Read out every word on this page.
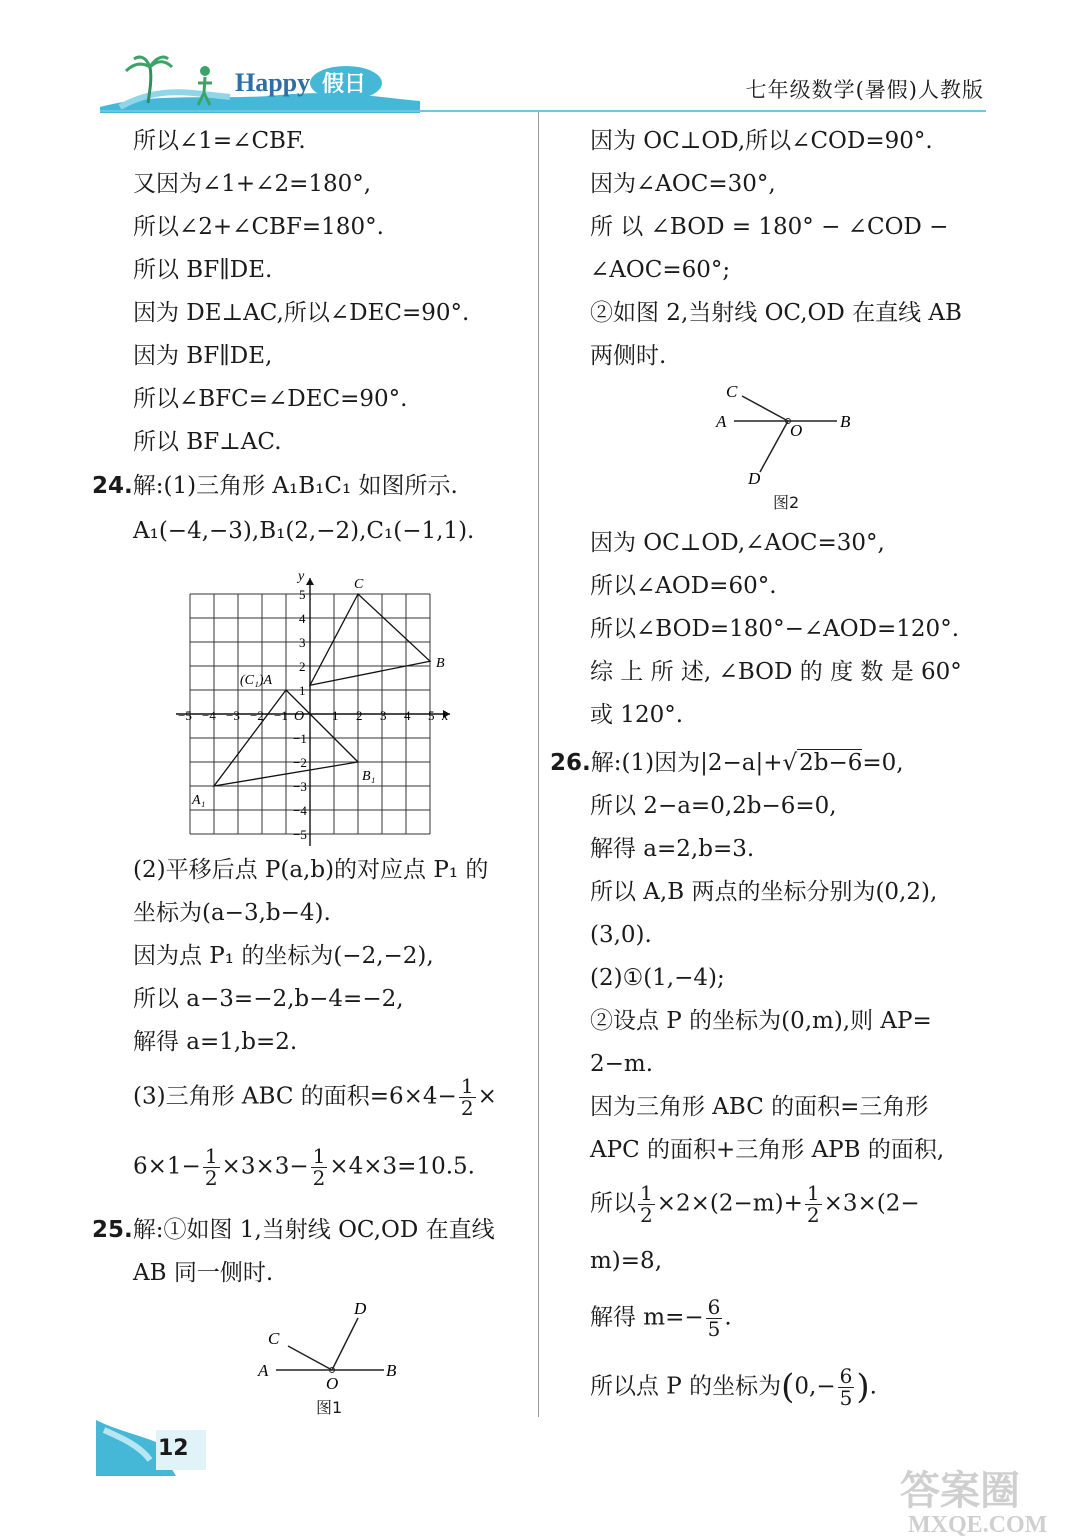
Happy 假日	七年级数学(暑假)人教版
所以∠1=∠CBF.
又因为∠1+∠2=180°,
所以∠2+∠CBF=180°.
所以 BF∥DE.
因为 DE⊥AC,所以∠DEC=90°.
因为 BF∥DE,
所以∠BFC=∠DEC=90°.
所以 BF⊥AC.
24.解:(1)三角形 A₁B₁C₁ 如图所示.
A₁(−4,−3),B₁(2,−2),C₁(−1,1).
−5 −4 −3 −2 −1	1 2 3 4 5
5
4
3
2
1
−1
−2
−3
−4
−5
O	x
y
C
B
A₁
B₁
(C₁)A
(2)平移后点 P(a,b)的对应点 P₁ 的
坐标为(a−3,b−4).
因为点 P₁ 的坐标为(−2,−2),
所以 a−3=−2,b−4=−2,
解得 a=1,b=2.
(3)三角形 ABC 的面积$=6\times 4- \frac{1}{2}$ ×
$6\times 1- \frac{1}{2} \times 3\times 3- \frac{1}{2} \times 4\times 3=10.5$.
25.解:①如图 1,当射线 OC,OD 在直线
AB 同一侧时.
A	B
C
D
O
图1
因为 OC⊥OD,所以∠COD=90°.
因为∠AOC=30°,
所 以 ∠BOD = 180° − ∠COD −
∠AOC=60°;
②如图 2,当射线 OC,OD 在直线 AB
两侧时.
A	B
C
D
O
图2
因为 OC⊥OD,∠AOC=30°,
所以∠AOD=60°.
所以∠BOD=180°−∠AOD=120°.
综 上 所 述, ∠BOD 的 度 数 是 60°
或 120°.
26.解:(1)因为|2−a|+√2b−6=0,
所以 2−a=0,2b−6=0,
解得 a=2,b=3.
所以 A,B 两点的坐标分别为(0,2),
(3,0).
(2)①(1,−4);
②设点 P 的坐标为(0,m),则 AP=
2−m.
因为三角形 ABC 的面积=三角形
APC 的面积+三角形 APB 的面积,
所以 $\frac{1}{2} \times 2\times(2-m)+ \frac{1}{2} \times 3\times(2-$
m)=8,
解得 $m=- \frac{6}{5}$ .
所以点 P 的坐标为($0,- \frac{6}{5}$ ).
12
答案圈
MXQE.COM
